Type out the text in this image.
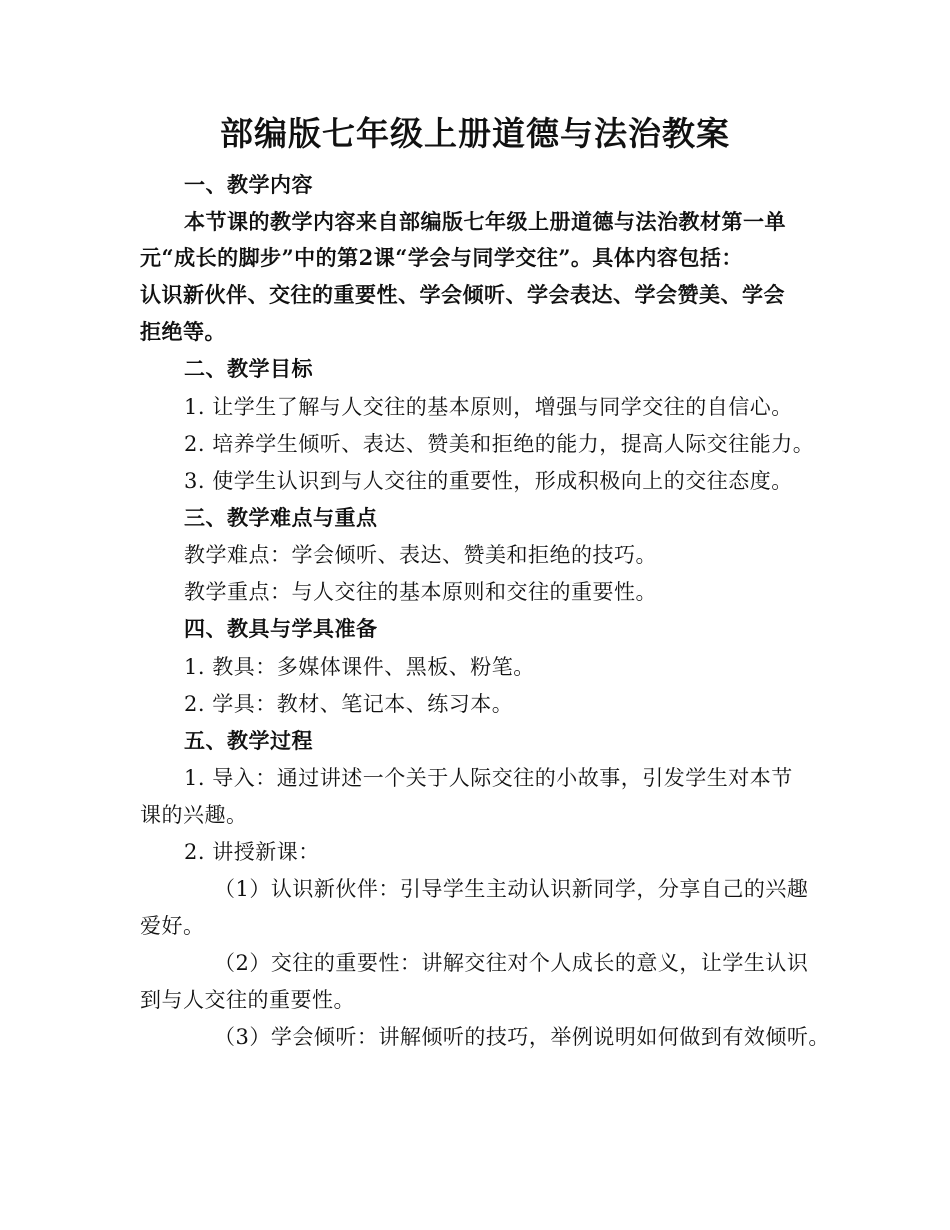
部编版七年级上册道德与法治教案
一、教学内容
本节课的教学内容来自部编版七年级上册道德与法治教材第一单
元“成长的脚步”中的第2课“学会与同学交往”。具体内容包括：
认识新伙伴、交往的重要性、学会倾听、学会表达、学会赞美、学会
拒绝等。
二、教学目标
1. 让学生了解与人交往的基本原则，增强与同学交往的自信心。
2. 培养学生倾听、表达、赞美和拒绝的能力，提高人际交往能力。
3. 使学生认识到与人交往的重要性，形成积极向上的交往态度。
三、教学难点与重点
教学难点：学会倾听、表达、赞美和拒绝的技巧。
教学重点：与人交往的基本原则和交往的重要性。
四、教具与学具准备
1. 教具：多媒体课件、黑板、粉笔。
2. 学具：教材、笔记本、练习本。
五、教学过程
1. 导入：通过讲述一个关于人际交往的小故事，引发学生对本节
课的兴趣。
2. 讲授新课：
（1）认识新伙伴：引导学生主动认识新同学，分享自己的兴趣
爱好。
（2）交往的重要性：讲解交往对个人成长的意义，让学生认识
到与人交往的重要性。
（3）学会倾听：讲解倾听的技巧，举例说明如何做到有效倾听。
